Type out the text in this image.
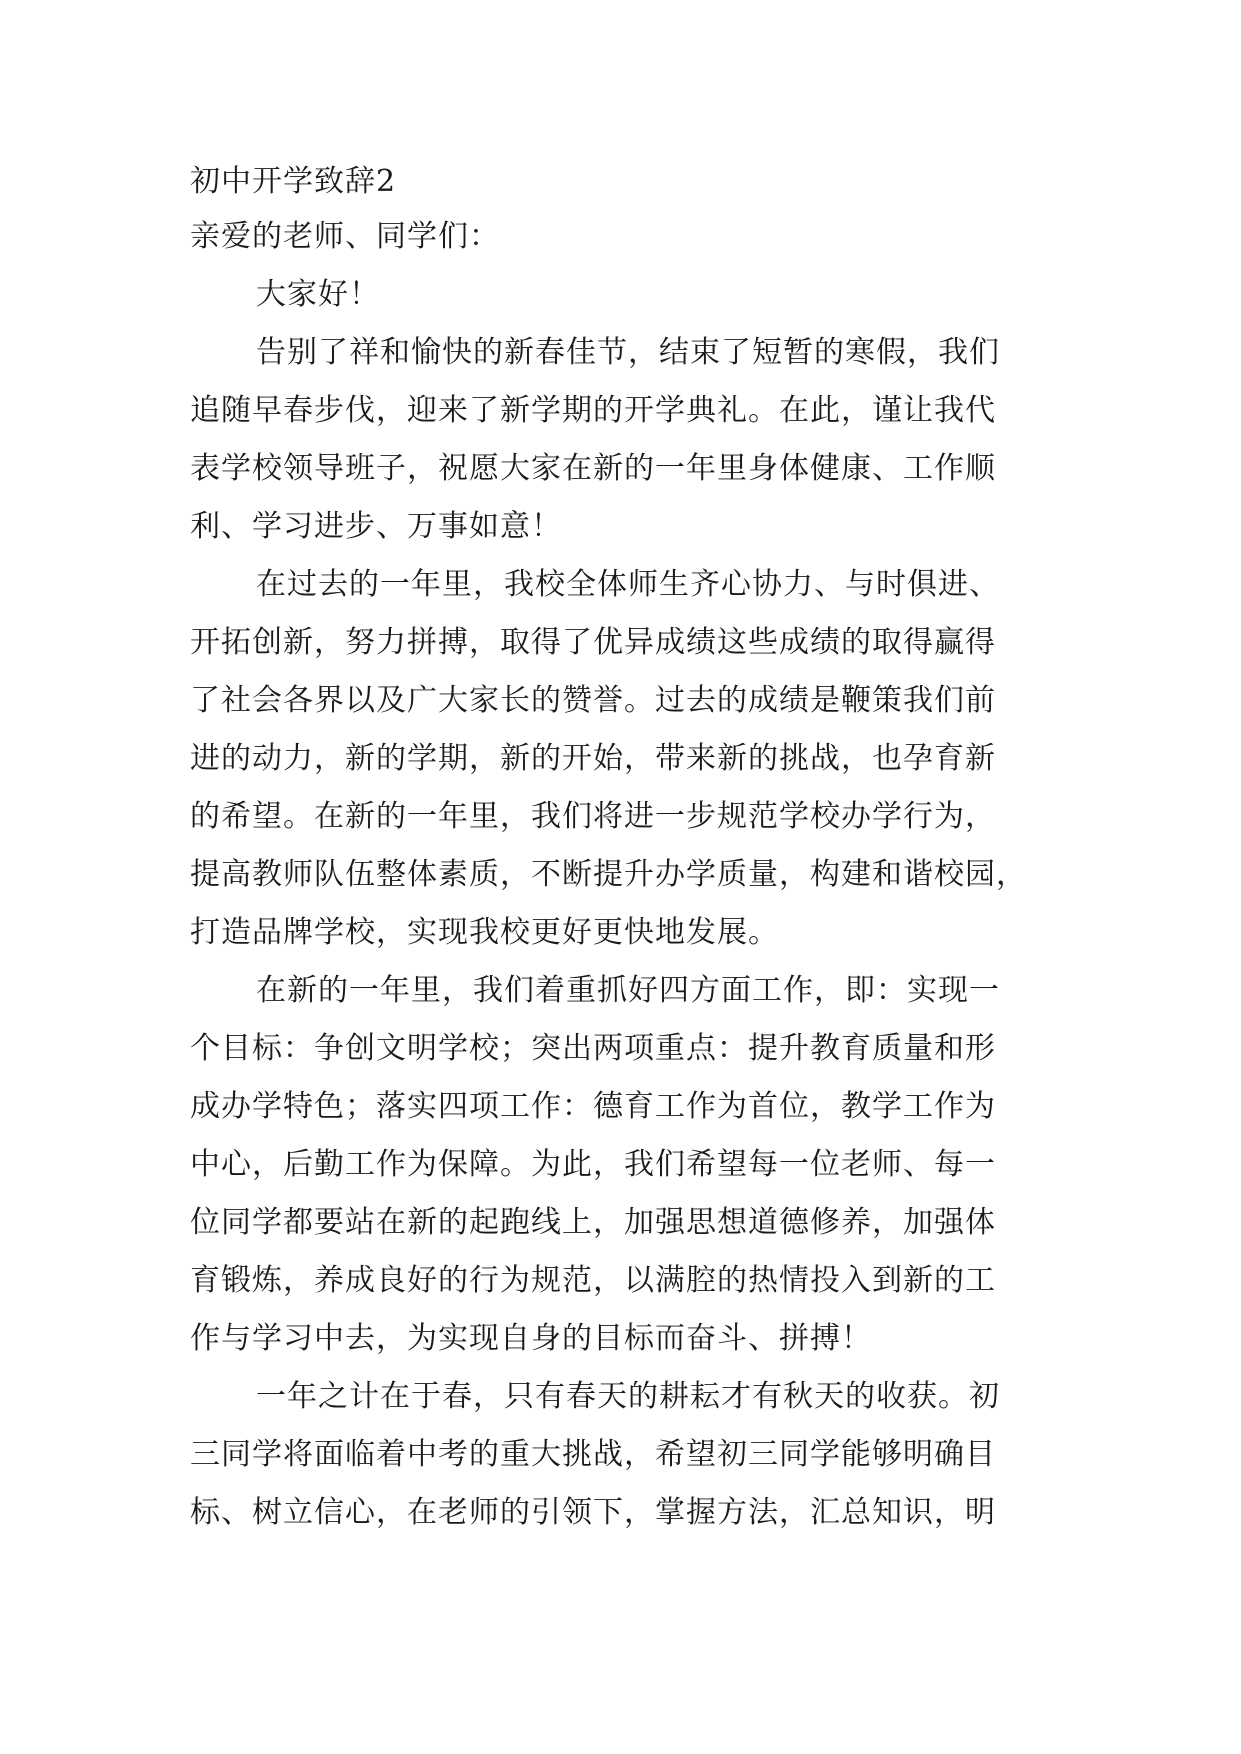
初中开学致辞2
亲爱的老师、同学们：
大家好！
告别了祥和愉快的新春佳节，结束了短暂的寒假，我们
追随早春步伐，迎来了新学期的开学典礼。在此，谨让我代
表学校领导班子，祝愿大家在新的一年里身体健康、工作顺
利、学习进步、万事如意！
在过去的一年里，我校全体师生齐心协力、与时俱进、
开拓创新，努力拼搏，取得了优异成绩这些成绩的取得赢得
了社会各界以及广大家长的赞誉。过去的成绩是鞭策我们前
进的动力，新的学期，新的开始，带来新的挑战，也孕育新
的希望。在新的一年里，我们将进一步规范学校办学行为，
提高教师队伍整体素质，不断提升办学质量，构建和谐校园，
打造品牌学校，实现我校更好更快地发展。
在新的一年里，我们着重抓好四方面工作，即：实现一
个目标：争创文明学校；突出两项重点：提升教育质量和形
成办学特色；落实四项工作：德育工作为首位，教学工作为
中心，后勤工作为保障。为此，我们希望每一位老师、每一
位同学都要站在新的起跑线上，加强思想道德修养，加强体
育锻炼，养成良好的行为规范，以满腔的热情投入到新的工
作与学习中去，为实现自身的目标而奋斗、拼搏！
一年之计在于春，只有春天的耕耘才有秋天的收获。初
三同学将面临着中考的重大挑战，希望初三同学能够明确目
标、树立信心，在老师的引领下，掌握方法，汇总知识，明
